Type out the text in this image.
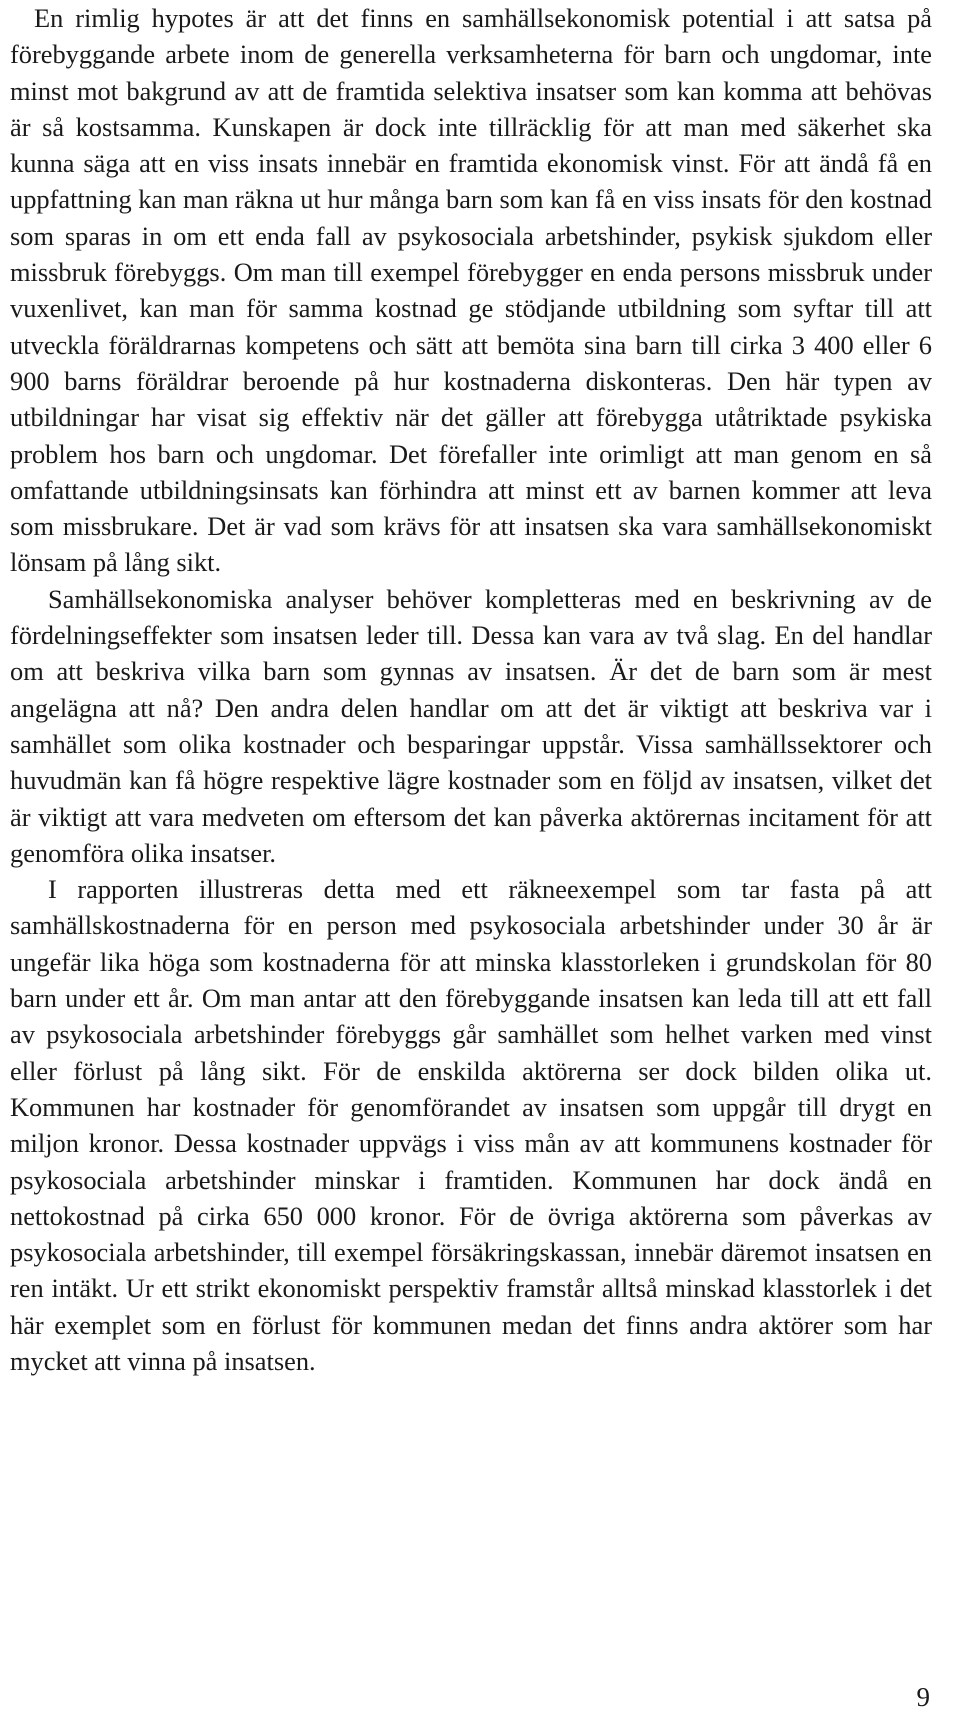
En rimlig hypotes är att det finns en samhällsekonomisk potential i att satsa på förebyggande arbete inom de generella verksamheterna för barn och ungdomar, inte minst mot bakgrund av att de framtida selektiva insatser som kan komma att behövas är så kostsamma. Kunskapen är dock inte tillräcklig för att man med säkerhet ska kunna säga att en viss insats innebär en framtida ekonomisk vinst. För att ändå få en uppfattning kan man räkna ut hur många barn som kan få en viss insats för den kostnad som sparas in om ett enda fall av psykosociala arbetshinder, psykisk sjukdom eller missbruk förebyggs. Om man till exempel förebygger en enda persons missbruk under vuxenlivet, kan man för samma kostnad ge stödjande utbildning som syftar till att utveckla föräldrarnas kompetens och sätt att bemöta sina barn till cirka 3 400 eller 6 900 barns föräldrar beroende på hur kostnaderna diskonteras. Den här typen av utbildningar har visat sig effektiv när det gäller att förebygga utåtriktade psykiska problem hos barn och ungdomar. Det förefaller inte orimligt att man genom en så omfattande utbildningsinsats kan förhindra att minst ett av barnen kommer att leva som missbrukare. Det är vad som krävs för att insatsen ska vara samhällsekonomiskt lönsam på lång sikt.

Samhällsekonomiska analyser behöver kompletteras med en beskrivning av de fördelningseffekter som insatsen leder till. Dessa kan vara av två slag. En del handlar om att beskriva vilka barn som gynnas av insatsen. Är det de barn som är mest angelägna att nå? Den andra delen handlar om att det är viktigt att beskriva var i samhället som olika kostnader och besparingar uppstår. Vissa samhällssektorer och huvudmän kan få högre respektive lägre kostnader som en följd av insatsen, vilket det är viktigt att vara medveten om eftersom det kan påverka aktörernas incitament för att genomföra olika insatser.

I rapporten illustreras detta med ett räkneexempel som tar fasta på att samhällskostnaderna för en person med psykosociala arbetshinder under 30 år är ungefär lika höga som kostnaderna för att minska klasstorleken i grundskolan för 80 barn under ett år. Om man antar att den förebyggande insatsen kan leda till att ett fall av psykosociala arbetshinder förebyggs går samhället som helhet varken med vinst eller förlust på lång sikt. För de enskilda aktörerna ser dock bilden olika ut. Kommunen har kostnader för genomförandet av insatsen som uppgår till drygt en miljon kronor. Dessa kostnader uppvägs i viss mån av att kommunens kostnader för psykosociala arbetshinder minskar i framtiden. Kommunen har dock ändå en nettokostnad på cirka 650 000 kronor. För de övriga aktörerna som påverkas av psykosociala arbetshinder, till exempel försäkringskassan, innebär däremot insatsen en ren intäkt. Ur ett strikt ekonomiskt perspektiv framstår alltså minskad klasstorlek i det här exemplet som en förlust för kommunen medan det finns andra aktörer som har mycket att vinna på insatsen.

9
